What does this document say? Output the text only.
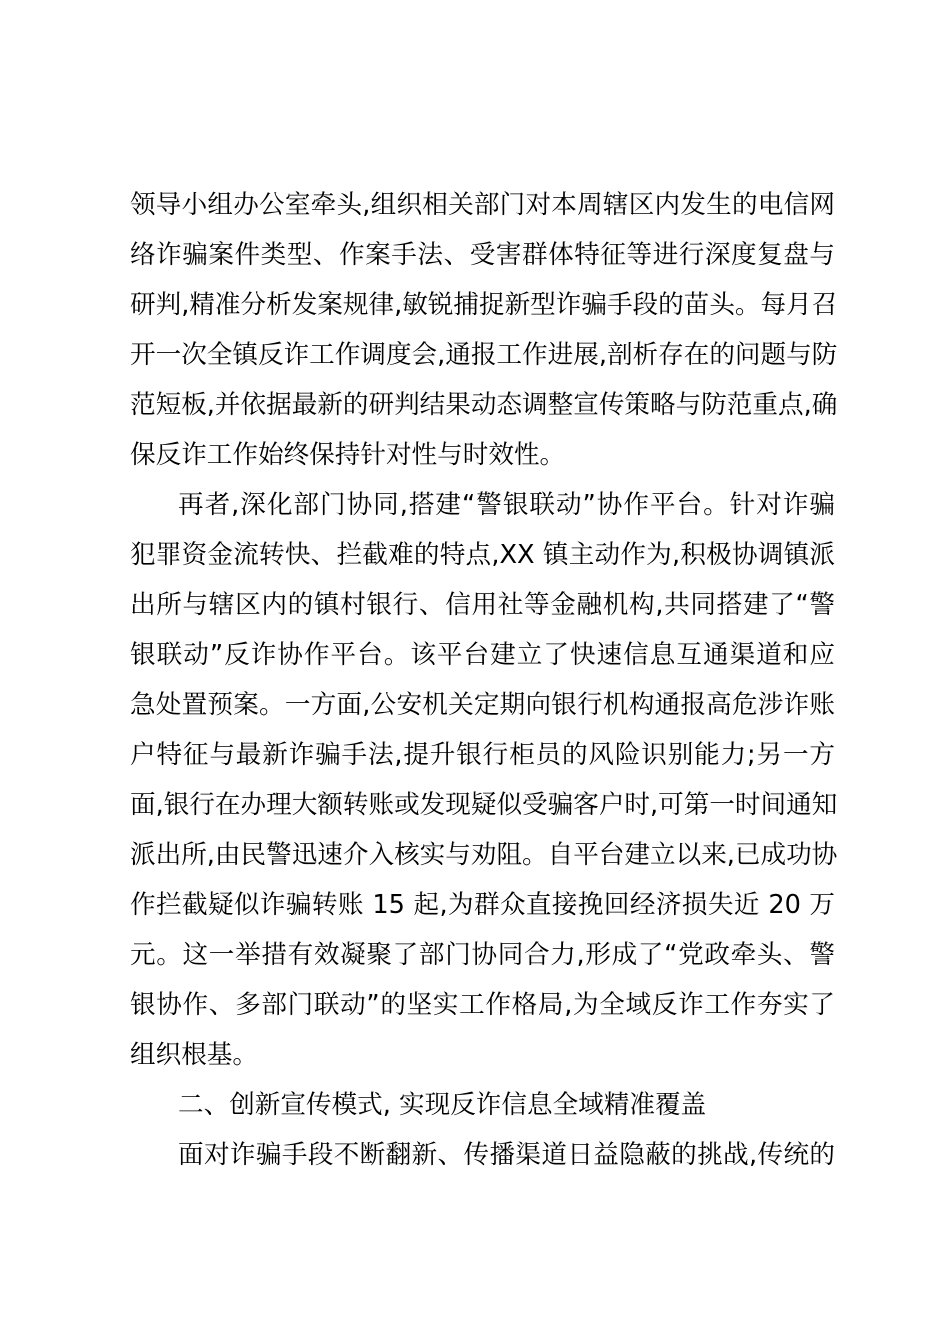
领导小组办公室牵头,组织相关部门对本周辖区内发生的电信网
络诈骗案件类型、作案手法、受害群体特征等进行深度复盘与
研判,精准分析发案规律,敏锐捕捉新型诈骗手段的苗头。每月召
开一次全镇反诈工作调度会,通报工作进展,剖析存在的问题与防
范短板,并依据最新的研判结果动态调整宣传策略与防范重点,确
保反诈工作始终保持针对性与时效性。
再者,深化部门协同,搭建“警银联动”协作平台。针对诈骗
犯罪资金流转快、拦截难的特点,XX 镇主动作为,积极协调镇派
出所与辖区内的镇村银行、信用社等金融机构,共同搭建了“警
银联动”反诈协作平台。该平台建立了快速信息互通渠道和应
急处置预案。一方面,公安机关定期向银行机构通报高危涉诈账
户特征与最新诈骗手法,提升银行柜员的风险识别能力;另一方
面,银行在办理大额转账或发现疑似受骗客户时,可第一时间通知
派出所,由民警迅速介入核实与劝阻。自平台建立以来,已成功协
作拦截疑似诈骗转账 15 起,为群众直接挽回经济损失近 20 万
元。这一举措有效凝聚了部门协同合力,形成了“党政牵头、警
银协作、多部门联动”的坚实工作格局,为全域反诈工作夯实了
组织根基。
二、创新宣传模式, 实现反诈信息全域精准覆盖
面对诈骗手段不断翻新、传播渠道日益隐蔽的挑战,传统的
